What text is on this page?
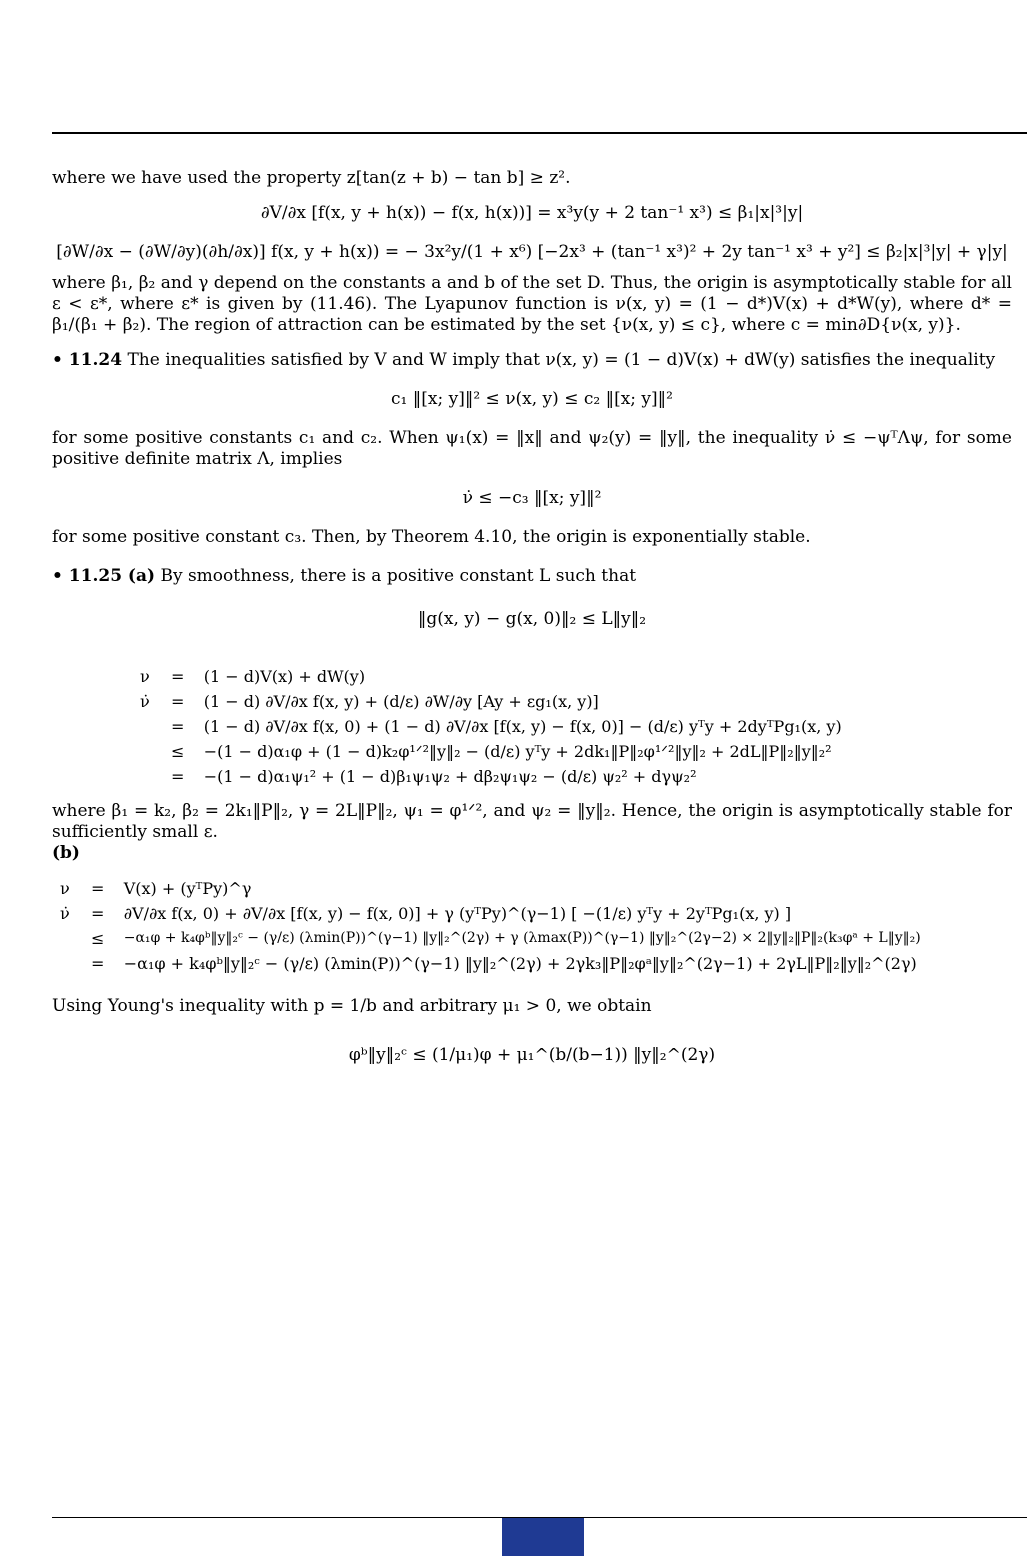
where we have used the property z[tan(z + b) − tan b] ≥ z².

∂V/∂x [f(x, y + h(x)) − f(x, h(x))] = x³y(y + 2 tan⁻¹ x³) ≤ β₁|x|³|y|
[∂W/∂x − (∂W/∂y)(∂h/∂x)] f(x, y + h(x)) = − 3x²y/(1 + x⁶) [−2x³ + (tan⁻¹ x³)² + 2y tan⁻¹ x³ + y²] ≤ β₂|x|³|y| + γ|y|

where β₁, β₂ and γ depend on the constants a and b of the set D. Thus, the origin is asymptotically stable for all ε < ε*, where ε* is given by (11.46). The Lyapunov function is ν(x, y) = (1 − d*)V(x) + d*W(y), where d* = β₁/(β₁ + β₂). The region of attraction can be estimated by the set {ν(x, y) ≤ c}, where c = min∂D{ν(x, y)}.

• 11.24 The inequalities satisfied by V and W imply that ν(x, y) = (1 − d)V(x) + dW(y) satisfies the inequality

c₁ ‖[x; y]‖² ≤ ν(x, y) ≤ c₂ ‖[x; y]‖²

for some positive constants c₁ and c₂. When ψ₁(x) = ‖x‖ and ψ₂(y) = ‖y‖, the inequality ν̇ ≤ −ψᵀΛψ, for some positive definite matrix Λ, implies

ν̇ ≤ −c₃ ‖[x; y]‖²

for some positive constant c₃. Then, by Theorem 4.10, the origin is exponentially stable.

• 11.25 (a) By smoothness, there is a positive constant L such that

‖g(x, y) − g(x, 0)‖₂ ≤ L‖y‖₂
ν	=	(1 − d)V(x) + dW(y)
ν̇	=	(1 − d) ∂V/∂x f(x, y) + (d/ε) ∂W/∂y [Ay + εg₁(x, y)]
	=	(1 − d) ∂V/∂x f(x, 0) + (1 − d) ∂V/∂x [f(x, y) − f(x, 0)] − (d/ε) yᵀy + 2dyᵀPg₁(x, y)
	≤	−(1 − d)α₁φ + (1 − d)k₂φ¹ᐟ²‖y‖₂ − (d/ε) yᵀy + 2dk₁‖P‖₂φ¹ᐟ²‖y‖₂ + 2dL‖P‖₂‖y‖₂²
	=	−(1 − d)α₁ψ₁² + (1 − d)β₁ψ₁ψ₂ + dβ₂ψ₁ψ₂ − (d/ε) ψ₂² + dγψ₂²

where β₁ = k₂, β₂ = 2k₁‖P‖₂, γ = 2L‖P‖₂, ψ₁ = φ¹ᐟ², and ψ₂ = ‖y‖₂. Hence, the origin is asymptotically stable for sufficiently small ε.

(b)

ν	=	V(x) + (yᵀPy)^γ
ν̇	=	∂V/∂x f(x, 0) + ∂V/∂x [f(x, y) − f(x, 0)] + γ (yᵀPy)^(γ−1) [ −(1/ε) yᵀy + 2yᵀPg₁(x, y) ]
	≤	−α₁φ + k₄φᵇ‖y‖₂ᶜ − (γ/ε) (λmin(P))^(γ−1) ‖y‖₂^(2γ) + γ (λmax(P))^(γ−1) ‖y‖₂^(2γ−2) × 2‖y‖₂‖P‖₂(k₃φᵃ + L‖y‖₂)
	=	−α₁φ + k₄φᵇ‖y‖₂ᶜ − (γ/ε) (λmin(P))^(γ−1) ‖y‖₂^(2γ) + 2γk₃‖P‖₂φᵃ‖y‖₂^(2γ−1) + 2γL‖P‖₂‖y‖₂^(2γ)

Using Young's inequality with p = 1/b and arbitrary μ₁ > 0, we obtain

φᵇ‖y‖₂ᶜ ≤ (1/μ₁)φ + μ₁^(b/(b−1)) ‖y‖₂^(2γ)
